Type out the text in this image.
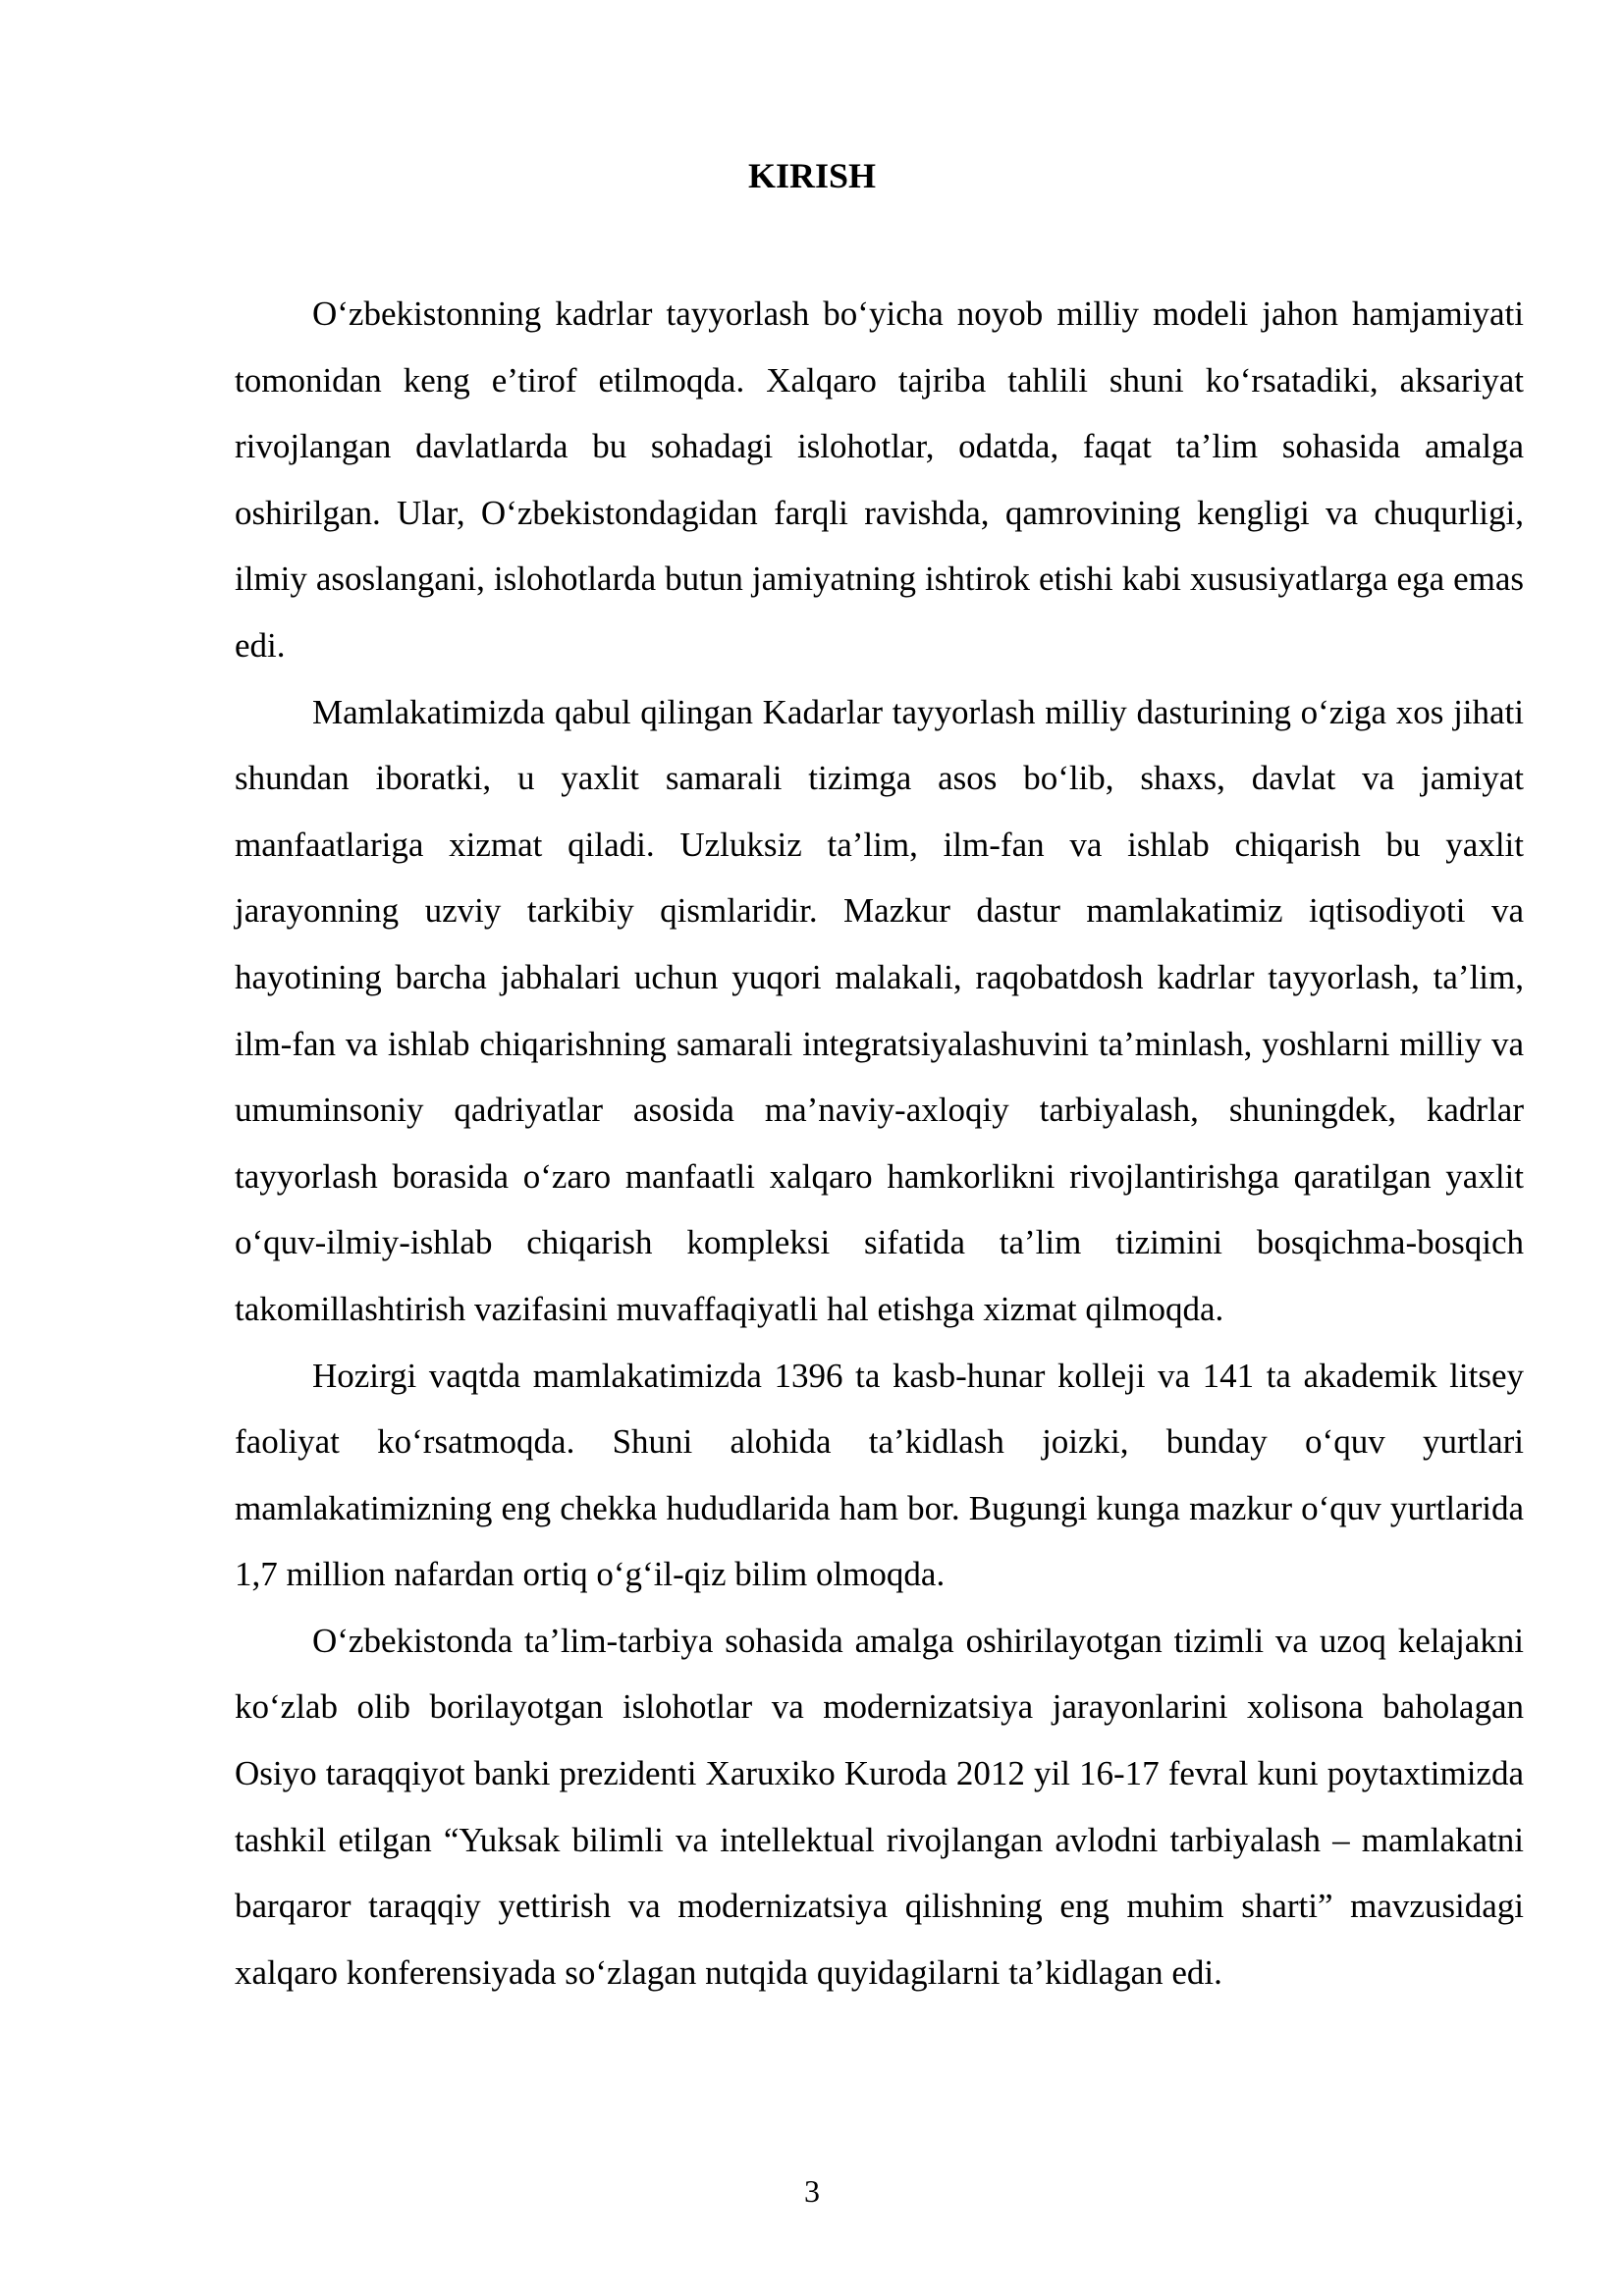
KIRISH

O‘zbekistonning kadrlar tayyorlash bo‘yicha noyob milliy modeli jahon hamjamiyati tomonidan keng e’tirof etilmoqda. Xalqaro tajriba tahlili shuni ko‘rsatadiki, aksariyat rivojlangan davlatlarda bu sohadagi islohotlar, odatda, faqat ta’lim sohasida amalga oshirilgan. Ular, O‘zbekistondagidan farqli ravishda, qamrovining kengligi va chuqurligi, ilmiy asoslangani, islohotlarda butun jamiyatning ishtirok etishi kabi xususiyatlarga ega emas edi.

Mamlakatimizda qabul qilingan Kadarlar tayyorlash milliy dasturining o‘ziga xos jihati shundan iboratki, u yaxlit samarali tizimga asos bo‘lib, shaxs, davlat va jamiyat manfaatlariga xizmat qiladi. Uzluksiz ta’lim, ilm-fan va ishlab chiqarish bu yaxlit jarayonning uzviy tarkibiy qismlaridir. Mazkur dastur mamlakatimiz iqtisodiyoti va hayotining barcha jabhalari uchun yuqori malakali, raqobatdosh kadrlar tayyorlash, ta’lim, ilm-fan va ishlab chiqarishning samarali integratsiyalashuvini ta’minlash, yoshlarni milliy va umuminsoniy qadriyatlar asosida ma’naviy-axloqiy tarbiyalash, shuningdek, kadrlar tayyorlash borasida o‘zaro manfaatli xalqaro hamkorlikni rivojlantirishga qaratilgan yaxlit o‘quv-ilmiy-ishlab chiqarish kompleksi sifatida ta’lim tizimini bosqichma-bosqich takomillashtirish vazifasini muvaffaqiyatli hal etishga xizmat qilmoqda.

Hozirgi vaqtda mamlakatimizda 1396 ta kasb-hunar kolleji va 141 ta akademik litsey faoliyat ko‘rsatmoqda. Shuni alohida ta’kidlash joizki, bunday o‘quv yurtlari mamlakatimizning eng chekka hududlarida ham bor. Bugungi kunga mazkur o‘quv yurtlarida 1,7 million nafardan ortiq o‘g‘il-qiz bilim olmoqda.

O‘zbekistonda ta’lim-tarbiya sohasida amalga oshirilayotgan tizimli va uzoq kelajakni ko‘zlab olib borilayotgan islohotlar va modernizatsiya jarayonlarini xolisona baholagan Osiyo taraqqiyot banki prezidenti Xaruxiko Kuroda 2012 yil 16-17 fevral kuni poytaxtimizda tashkil etilgan “Yuksak bilimli va intellektual rivojlangan avlodni tarbiyalash – mamlakatni barqaror taraqqiy yettirish va modernizatsiya qilishning eng muhim sharti” mavzusidagi xalqaro konferensiyada so‘zlagan nutqida quyidagilarni ta’kidlagan edi.

3
